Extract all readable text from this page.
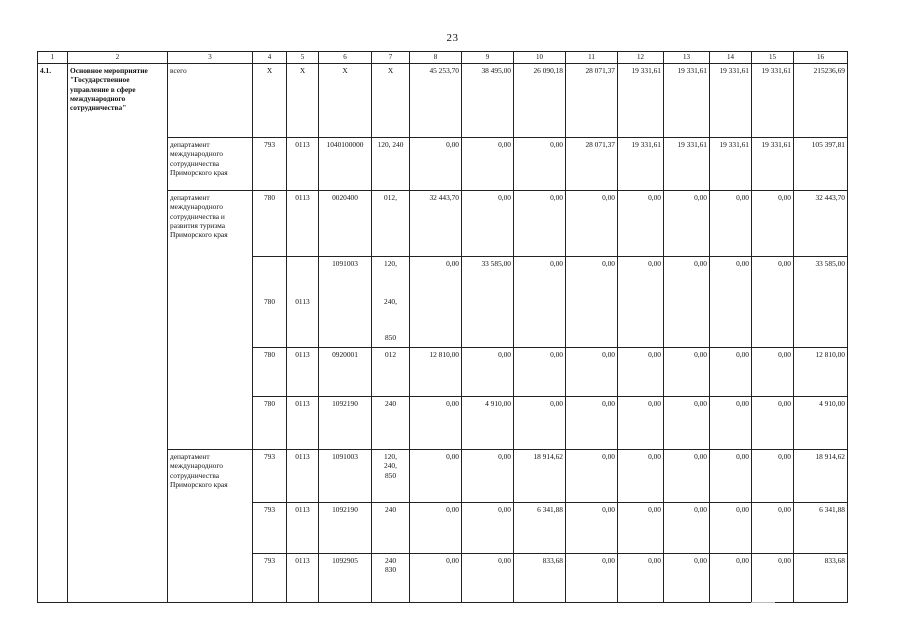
23
1	2	3	4	5	6	7	8	9	10	11	12	13	14	15	16
4.1.	Основное мероприятие "Государственное управление в сфере международного сотрудничества"	всего	Х	Х	Х	Х	45 253,70	38 495,00	26 090,18	28 071,37	19 331,61	19 331,61	19 331,61	19 331,61	215236,69
		департамент международного сотрудничества Приморского края	793	0113	1040100000	120, 240	0,00	0,00	0,00	28 071,37	19 331,61	19 331,61	19 331,61	19 331,61	105 397,81
		департамент международного сотрудничества и развития туризма Приморского края	780	0113	0020400	012,	32 443,70	0,00	0,00	0,00	0,00	0,00	0,00	0,00	32 443,70
			780	0113	1091003	120,
240,
850	0,00	33 585,00	0,00	0,00	0,00	0,00	0,00	0,00	33 585,00
			780	0113	0920001	012	12 810,00	0,00	0,00	0,00	0,00	0,00	0,00	0,00	12 810,00
			780	0113	1092190	240	0,00	4 910,00	0,00	0,00	0,00	0,00	0,00	0,00	4 910,00
		департамент международного сотрудничества Приморского края	793	0113	1091003	120,
240,
850	0,00	0,00	18 914,62	0,00	0,00	0,00	0,00	0,00	18 914,62
			793	0113	1092190	240	0,00	0,00	6 341,88	0,00	0,00	0,00	0,00	0,00	6 341,88
			793	0113	1092905	240
830	0,00	0,00	833,68	0,00	0,00	0,00	0,00	0,00	833,68
